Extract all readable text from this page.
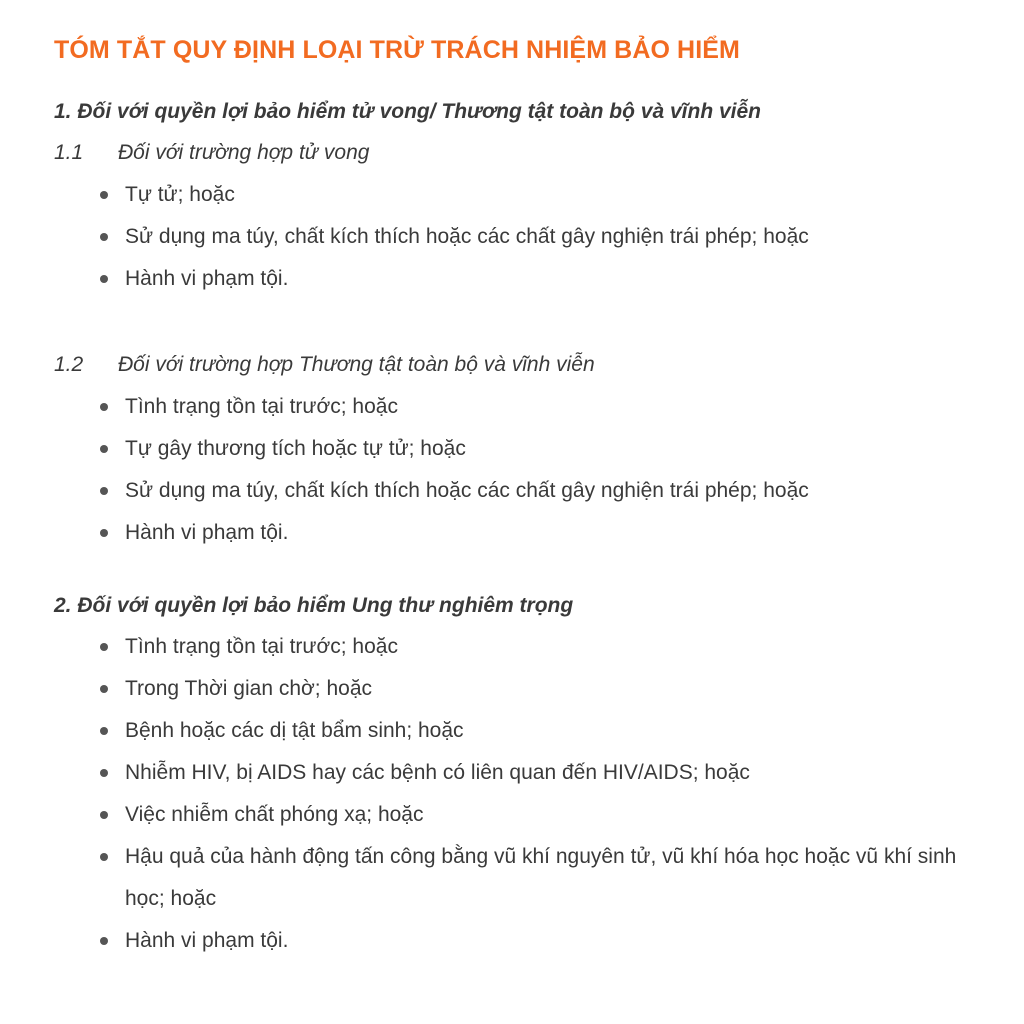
TÓM TẮT QUY ĐỊNH LOẠI TRỪ TRÁCH NHIỆM BẢO HIỂM
1. Đối với quyền lợi bảo hiểm tử vong/ Thương tật toàn bộ và vĩnh viễn
1.1	Đối với trường hợp tử vong
Tự tử; hoặc
Sử dụng ma túy, chất kích thích hoặc các chất gây nghiện trái phép; hoặc
Hành vi phạm tội.
1.2	Đối với trường hợp Thương tật toàn bộ và vĩnh viễn
Tình trạng tồn tại trước; hoặc
Tự gây thương tích hoặc tự tử; hoặc
Sử dụng ma túy, chất kích thích hoặc các chất gây nghiện trái phép; hoặc
Hành vi phạm tội.
2. Đối với quyền lợi bảo hiểm Ung thư nghiêm trọng
Tình trạng tồn tại trước; hoặc
Trong Thời gian chờ; hoặc
Bệnh hoặc các dị tật bẩm sinh; hoặc
Nhiễm HIV, bị AIDS hay các bệnh có liên quan đến HIV/AIDS; hoặc
Việc nhiễm chất phóng xạ; hoặc
Hậu quả của hành động tấn công bằng vũ khí nguyên tử, vũ khí hóa học hoặc vũ khí sinh học; hoặc
Hành vi phạm tội.
